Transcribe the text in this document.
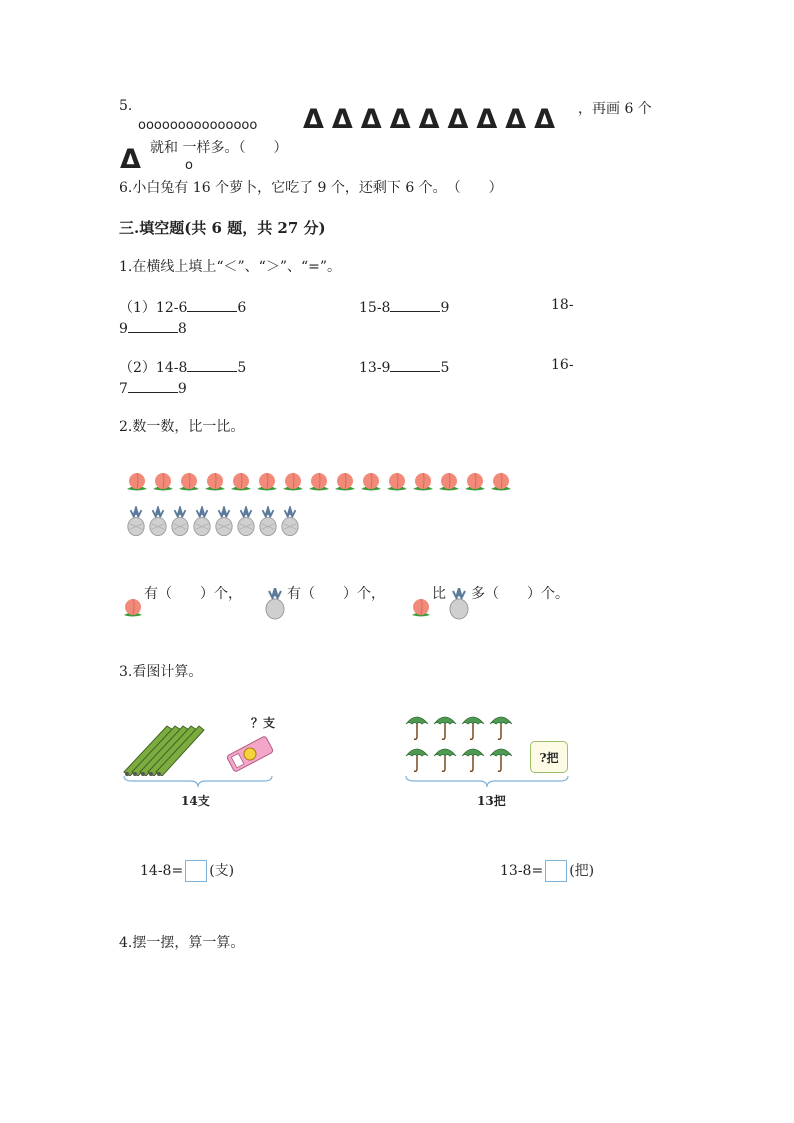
5.
ooooooooooooooo ΔΔΔΔΔΔΔΔΔ ，再画 6 个
Δ 就和 一样多。（　　）
o
6.小白兔有 16 个萝卜，它吃了 9 个，还剩下 6 个。　（　　）
三.填空题(共 6 题，共 27 分)
1.在横线上填上“＜”、“＞”、“=”。
（1）12-6	6	15-8	9	18-
9	8
（2）14-8	5	13-9	5	16-
7	9
2.数一数，比一比。
有（　　）个，	有（　　）个，	比 多（　　）个。
3.看图计算。
？支
14支
?把
13把
14-8= (支)	13-8= (把)
4.摆一摆，算一算。
